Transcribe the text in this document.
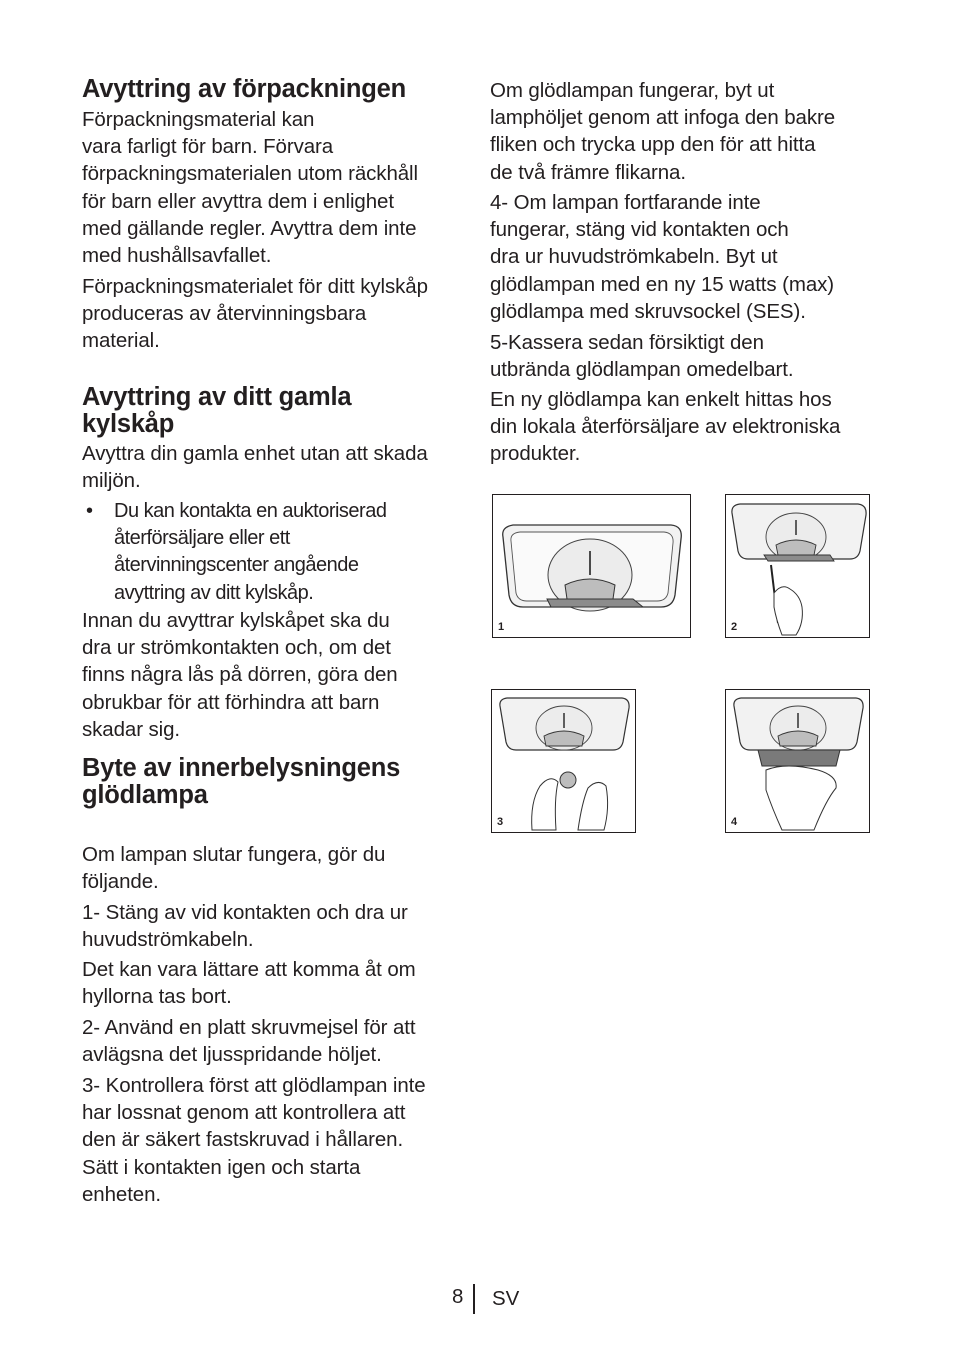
Avyttring av förpackningen

Förpackningsmaterial kan
vara farligt för barn. Förvara
förpackningsmaterialen utom räckhåll
för barn eller avyttra dem i enlighet
med gällande regler. Avyttra dem inte
med hushållsavfallet.

Förpackningsmaterialet för ditt kylskåp
produceras av återvinningsbara
material.

Avyttring av ditt gamla
kylskåp

Avyttra din gamla enhet utan att skada
miljön.

• Du kan kontakta en auktoriserad
återförsäljare eller ett
återvinningscenter angående
avyttring av ditt kylskåp.

Innan du avyttrar kylskåpet ska du
dra ur strömkontakten och, om det
finns några lås på dörren, göra den
obrukbar för att förhindra att barn
skadar sig.

Byte av innerbelysningens
glödlampa

Om lampan slutar fungera, gör du
följande.

1- Stäng av vid kontakten och dra ur
huvudströmkabeln.

Det kan vara lättare att komma åt om
hyllorna tas bort.

2- Använd en platt skruvmejsel för att
avlägsna det ljusspridande höljet.

3- Kontrollera först att glödlampan inte
har lossnat genom att kontrollera att
den är säkert fastskruvad i hållaren.
Sätt i kontakten igen och starta
enheten.

Om glödlampan fungerar, byt ut
lamphöljet genom att infoga den bakre
fliken och trycka upp den för att hitta
de två främre flikarna.

4- Om lampan fortfarande inte
fungerar, stäng vid kontakten och
dra ur huvudströmkabeln. Byt ut
glödlampan med en ny 15 watts (max)
glödlampa med skruvsockel (SES).

5-Kassera sedan försiktigt den
utbrända glödlampan omedelbart.

En ny glödlampa kan enkelt hittas hos
din lokala återförsäljare av elektroniska
produkter.

1	2
3	4
8 SV
